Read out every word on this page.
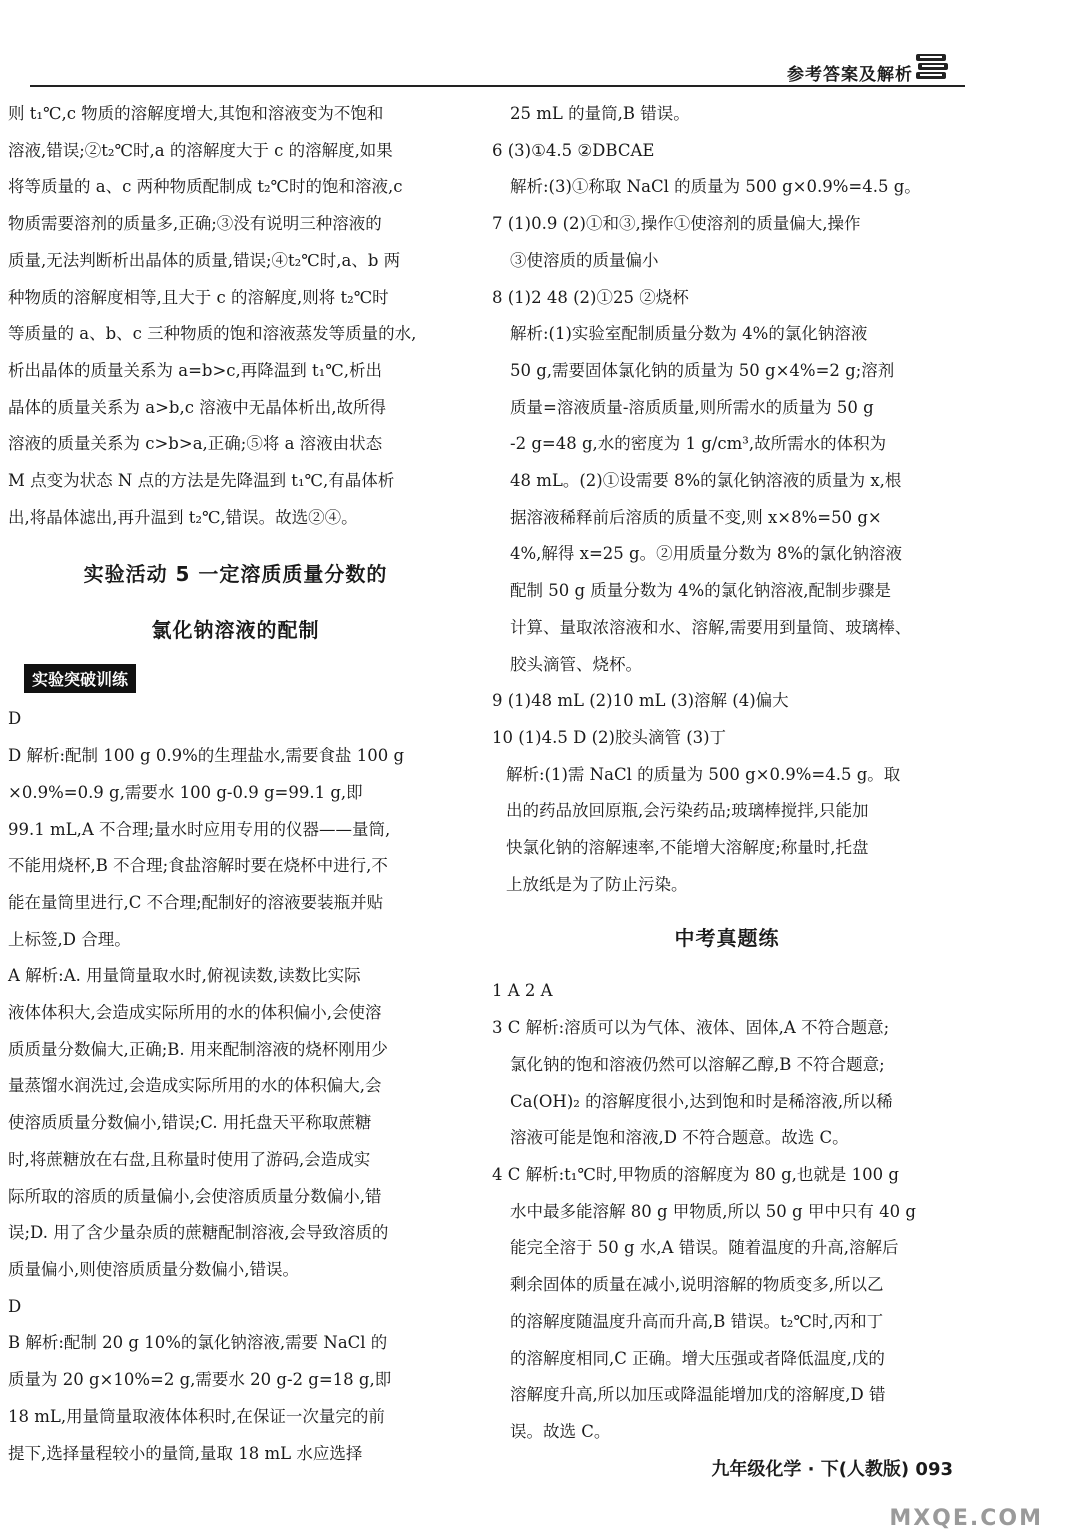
参考答案及解析

则 t₁℃,c 物质的溶解度增大,其饱和溶液变为不饱和

溶液,错误;②t₂℃时,a 的溶解度大于 c 的溶解度,如果

将等质量的 a、c 两种物质配制成 t₂℃时的饱和溶液,c

物质需要溶剂的质量多,正确;③没有说明三种溶液的

质量,无法判断析出晶体的质量,错误;④t₂℃时,a、b 两

种物质的溶解度相等,且大于 c 的溶解度,则将 t₂℃时

等质量的 a、b、c 三种物质的饱和溶液蒸发等质量的水,

析出晶体的质量关系为 a=b>c,再降温到 t₁℃,析出

晶体的质量关系为 a>b,c 溶液中无晶体析出,故所得

溶液的质量关系为 c>b>a,正确;⑤将 a 溶液由状态

M 点变为状态 N 点的方法是先降温到 t₁℃,有晶体析

出,将晶体滤出,再升温到 t₂℃,错误。故选②④。

实验活动 5 一定溶质质量分数的

氯化钠溶液的配制

实验突破训练

D

D 解析:配制 100 g 0.9%的生理盐水,需要食盐 100 g

×0.9%=0.9 g,需要水 100 g-0.9 g=99.1 g,即

99.1 mL,A 不合理;量水时应用专用的仪器——量筒,

不能用烧杯,B 不合理;食盐溶解时要在烧杯中进行,不

能在量筒里进行,C 不合理;配制好的溶液要装瓶并贴

上标签,D 合理。

A 解析:A. 用量筒量取水时,俯视读数,读数比实际

液体体积大,会造成实际所用的水的体积偏小,会使溶

质质量分数偏大,正确;B. 用来配制溶液的烧杯刚用少

量蒸馏水润洗过,会造成实际所用的水的体积偏大,会

使溶质质量分数偏小,错误;C. 用托盘天平称取蔗糖

时,将蔗糖放在右盘,且称量时使用了游码,会造成实

际所取的溶质的质量偏小,会使溶质质量分数偏小,错

误;D. 用了含少量杂质的蔗糖配制溶液,会导致溶质的

质量偏小,则使溶质质量分数偏小,错误。

D

B 解析:配制 20 g 10%的氯化钠溶液,需要 NaCl 的

质量为 20 g×10%=2 g,需要水 20 g-2 g=18 g,即

18 mL,用量筒量取液体体积时,在保证一次量完的前

提下,选择量程较小的量筒,量取 18 mL 水应选择

25 mL 的量筒,B 错误。

6 (3)①4.5 ②DBCAE

解析:(3)①称取 NaCl 的质量为 500 g×0.9%=4.5 g。

7 (1)0.9 (2)①和③,操作①使溶剂的质量偏大,操作

③使溶质的质量偏小

8 (1)2 48 (2)①25 ②烧杯

解析:(1)实验室配制质量分数为 4%的氯化钠溶液

50 g,需要固体氯化钠的质量为 50 g×4%=2 g;溶剂

质量=溶液质量-溶质质量,则所需水的质量为 50 g

-2 g=48 g,水的密度为 1 g/cm³,故所需水的体积为

48 mL。(2)①设需要 8%的氯化钠溶液的质量为 x,根

据溶液稀释前后溶质的质量不变,则 x×8%=50 g×

4%,解得 x=25 g。②用质量分数为 8%的氯化钠溶液

配制 50 g 质量分数为 4%的氯化钠溶液,配制步骤是

计算、量取浓溶液和水、溶解,需要用到量筒、玻璃棒、

胶头滴管、烧杯。

9 (1)48 mL (2)10 mL (3)溶解 (4)偏大

10 (1)4.5 D (2)胶头滴管 (3)丁

解析:(1)需 NaCl 的质量为 500 g×0.9%=4.5 g。取

出的药品放回原瓶,会污染药品;玻璃棒搅拌,只能加

快氯化钠的溶解速率,不能增大溶解度;称量时,托盘

上放纸是为了防止污染。

中考真题练

1 A 2 A

3 C 解析:溶质可以为气体、液体、固体,A 不符合题意;

氯化钠的饱和溶液仍然可以溶解乙醇,B 不符合题意;

Ca(OH)₂ 的溶解度很小,达到饱和时是稀溶液,所以稀

溶液可能是饱和溶液,D 不符合题意。故选 C。

4 C 解析:t₁℃时,甲物质的溶解度为 80 g,也就是 100 g

水中最多能溶解 80 g 甲物质,所以 50 g 甲中只有 40 g

能完全溶于 50 g 水,A 错误。随着温度的升高,溶解后

剩余固体的质量在减小,说明溶解的物质变多,所以乙

的溶解度随温度升高而升高,B 错误。t₂℃时,丙和丁

的溶解度相同,C 正确。增大压强或者降低温度,戊的

溶解度升高,所以加压或降温能增加戊的溶解度,D 错

误。故选 C。

九年级化学 · 下(人教版) 093
MXQE.COM
